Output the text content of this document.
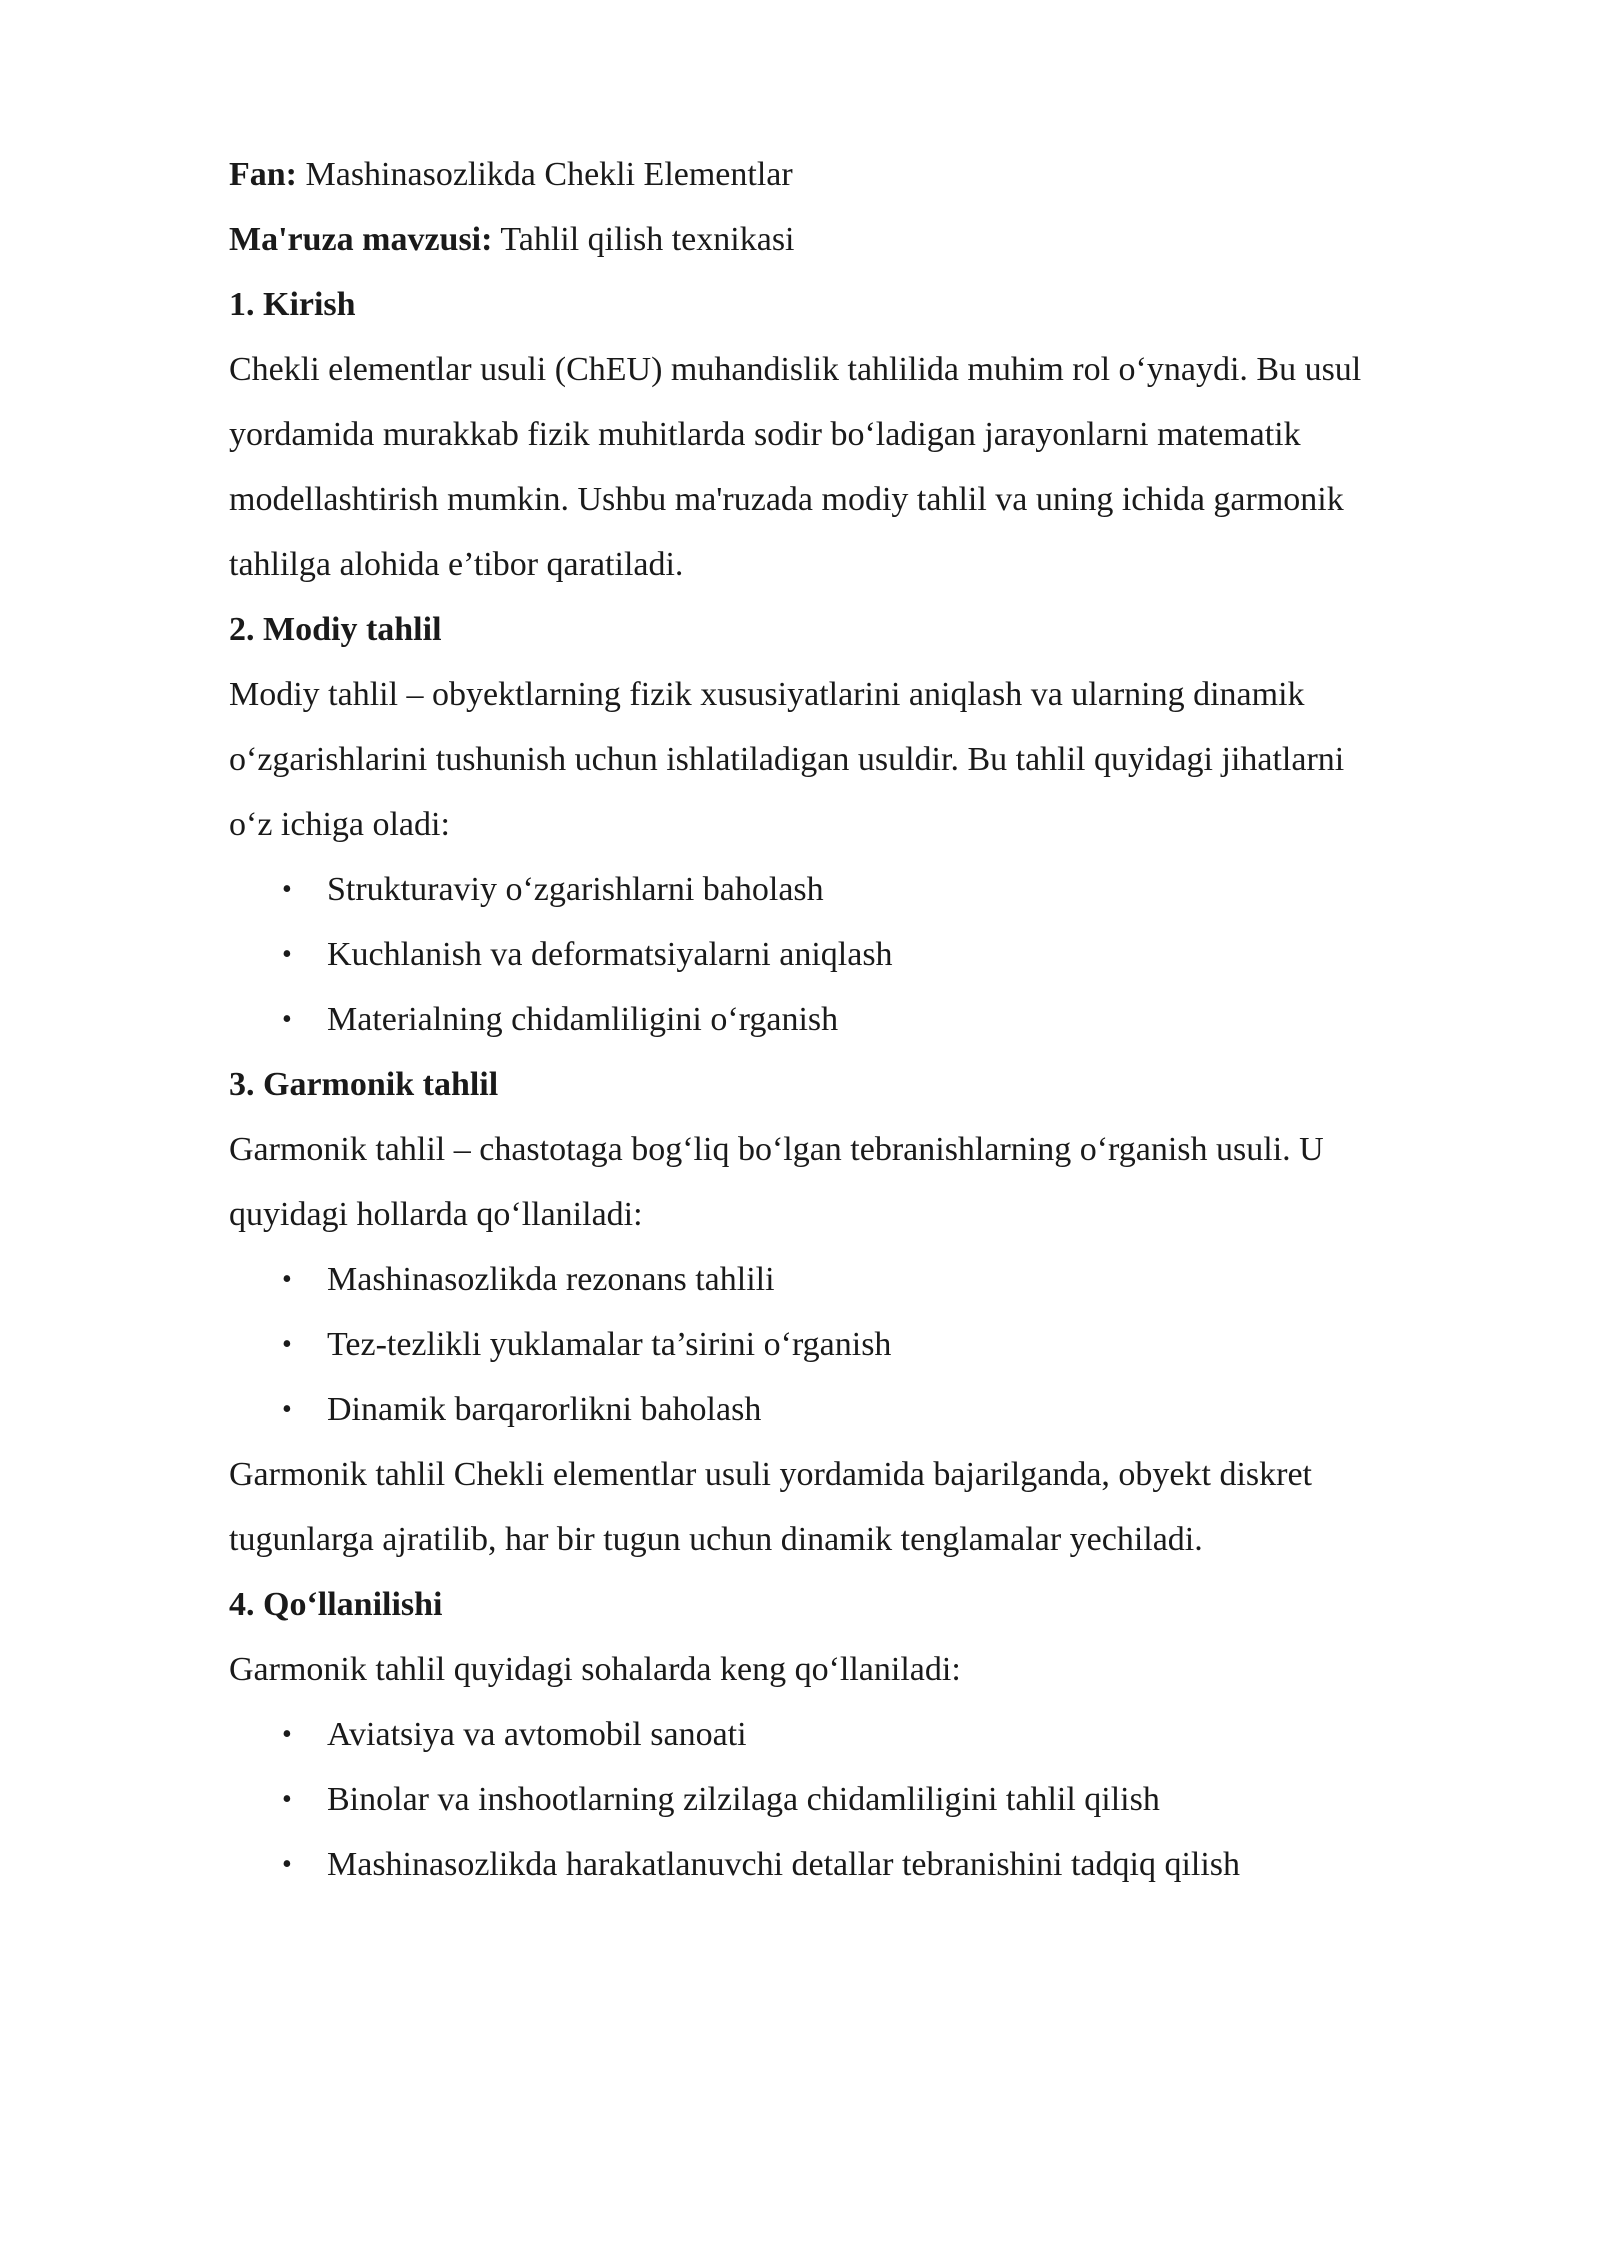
Fan: Mashinasozlikda Chekli Elementlar

Ma'ruza mavzusi: Tahlil qilish texnikasi

1. Kirish

Chekli elementlar usuli (ChEU) muhandislik tahlilida muhim rol oʻynaydi. Bu usul

yordamida murakkab fizik muhitlarda sodir boʻladigan jarayonlarni matematik

modellashtirish mumkin. Ushbu ma'ruzada modiy tahlil va uning ichida garmonik

tahlilga alohida e’tibor qaratiladi.

2. Modiy tahlil

Modiy tahlil – obyektlarning fizik xususiyatlarini aniqlash va ularning dinamik

oʻzgarishlarini tushunish uchun ishlatiladigan usuldir. Bu tahlil quyidagi jihatlarni

oʻz ichiga oladi:

• Strukturaviy oʻzgarishlarni baholash
• Kuchlanish va deformatsiyalarni aniqlash
• Materialning chidamliligini oʻrganish

3. Garmonik tahlil

Garmonik tahlil – chastotaga bogʻliq boʻlgan tebranishlarning oʻrganish usuli. U

quyidagi hollarda qoʻllaniladi:

• Mashinasozlikda rezonans tahlili
• Tez-tezlikli yuklamalar ta’sirini oʻrganish
• Dinamik barqarorlikni baholash

Garmonik tahlil Chekli elementlar usuli yordamida bajarilganda, obyekt diskret

tugunlarga ajratilib, har bir tugun uchun dinamik tenglamalar yechiladi.

4. Qoʻllanilishi

Garmonik tahlil quyidagi sohalarda keng qoʻllaniladi:

• Aviatsiya va avtomobil sanoati
• Binolar va inshootlarning zilzilaga chidamliligini tahlil qilish
• Mashinasozlikda harakatlanuvchi detallar tebranishini tadqiq qilish
